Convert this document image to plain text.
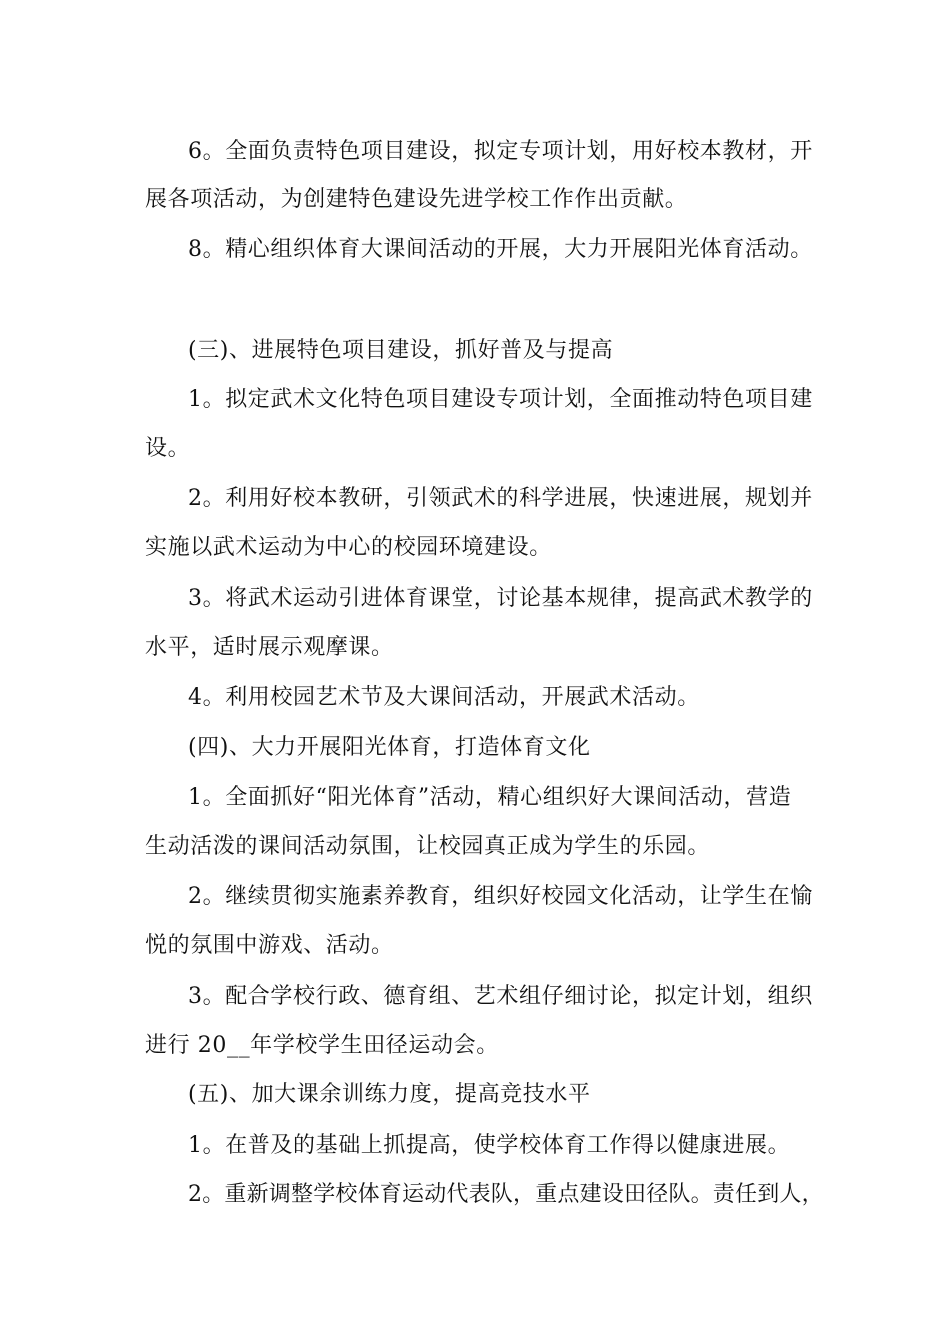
6。全面负责特色项目建设，拟定专项计划，用好校本教材，开
展各项活动，为创建特色建设先进学校工作作出贡献。
8。精心组织体育大课间活动的开展，大力开展阳光体育活动。
(三)、进展特色项目建设，抓好普及与提高
1。拟定武术文化特色项目建设专项计划，全面推动特色项目建
设。
2。利用好校本教研，引领武术的科学进展，快速进展，规划并
实施以武术运动为中心的校园环境建设。
3。将武术运动引进体育课堂，讨论基本规律，提高武术教学的
水平，适时展示观摩课。
4。利用校园艺术节及大课间活动，开展武术活动。
(四)、大力开展阳光体育，打造体育文化
1。全面抓好“阳光体育”活动，精心组织好大课间活动，营造
生动活泼的课间活动氛围，让校园真正成为学生的乐园。
2。继续贯彻实施素养教育，组织好校园文化活动，让学生在愉
悦的氛围中游戏、活动。
3。配合学校行政、德育组、艺术组仔细讨论，拟定计划，组织
进行 20__年学校学生田径运动会。
(五)、加大课余训练力度，提高竞技水平
1。在普及的基础上抓提高，使学校体育工作得以健康进展。
2。重新调整学校体育运动代表队，重点建设田径队。责任到人，
